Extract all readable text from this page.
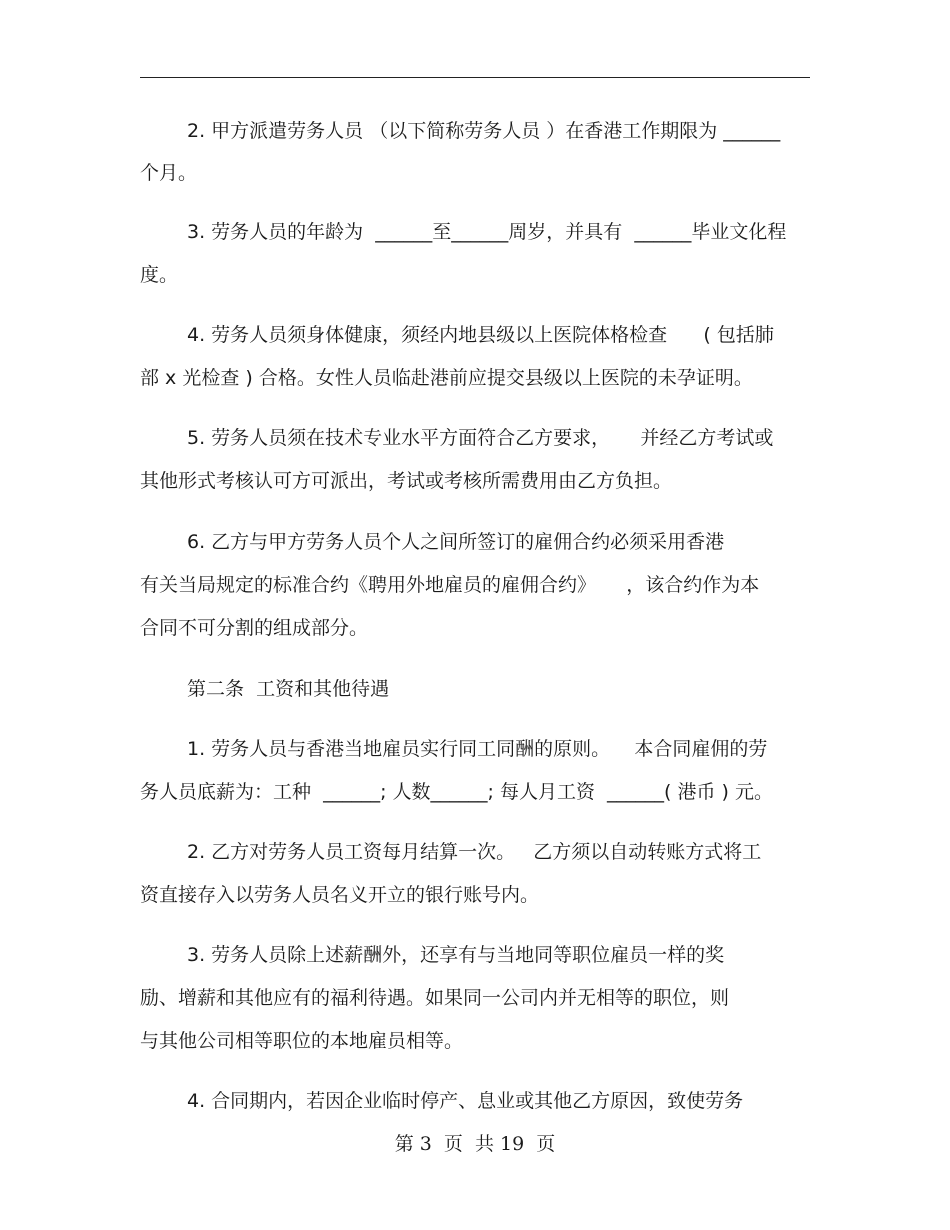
2. 甲方派遣劳务人员 （以下简称劳务人员 ）在香港工作期限为 ______
个月。
3. 劳务人员的年龄为  ______至______周岁，并具有  ______毕业文化程
度。
4. 劳务人员须身体健康，须经内地县级以上医院体格检查      ( 包括肺
部 x 光检查 ) 合格。女性人员临赴港前应提交县级以上医院的未孕证明。
5. 劳务人员须在技术专业水平方面符合乙方要求，     并经乙方考试或
其他形式考核认可方可派出，考试或考核所需费用由乙方负担。
6. 乙方与甲方劳务人员个人之间所签订的雇佣合约必须采用香港
有关当局规定的标准合约《聘用外地雇员的雇佣合约》     ，该合约作为本
合同不可分割的组成部分。
第二条  工资和其他待遇
1. 劳务人员与香港当地雇员实行同工同酬的原则。    本合同雇佣的劳
务人员底薪为：工种  ______; 人数______; 每人月工资  ______( 港币 ) 元。
2. 乙方对劳务人员工资每月结算一次。   乙方须以自动转账方式将工
资直接存入以劳务人员名义开立的银行账号内。
3. 劳务人员除上述薪酬外，还享有与当地同等职位雇员一样的奖
励、增薪和其他应有的福利待遇。如果同一公司内并无相等的职位，则
与其他公司相等职位的本地雇员相等。
4. 合同期内，若因企业临时停产、息业或其他乙方原因，致使劳务
第 3  页  共 19  页
